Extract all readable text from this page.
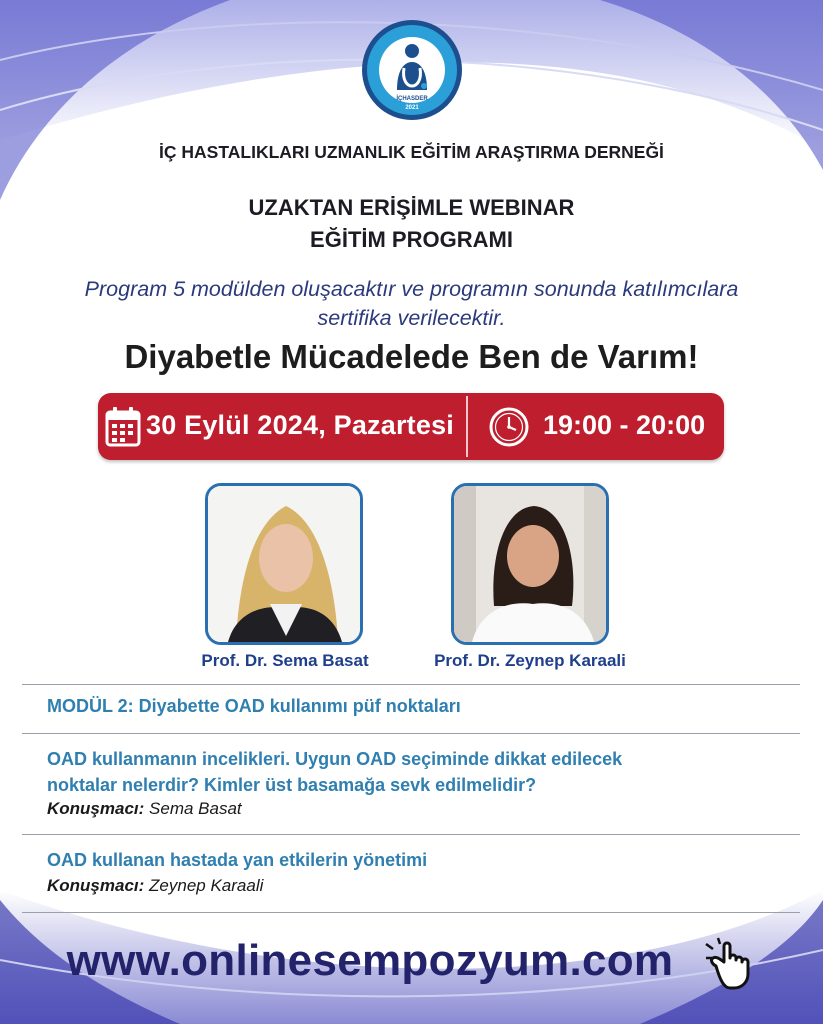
İÇHASDER
2021
İÇ HASTALIKLARI UZMANLIK EĞİTİM ARAŞTIRMA DERNEĞİ
UZAKTAN ERİŞİMLE WEBINAR
EĞİTİM PROGRAMI
Program 5 modülden oluşacaktır ve programın sonunda katılımcılara
sertifika verilecektir.
Diyabetle Mücadelede Ben de Varım!
30 Eylül 2024, Pazartesi	19:00 - 20:00
Prof. Dr. Sema Basat	Prof. Dr. Zeynep Karaali
MODÜL 2: Diyabette OAD kullanımı püf noktaları
OAD kullanmanın incelikleri. Uygun OAD seçiminde dikkat edilecek
noktalar nelerdir? Kimler üst basamağa sevk edilmelidir?
Konuşmacı: Sema Basat
OAD kullanan hastada yan etkilerin yönetimi
Konuşmacı: Zeynep Karaali
www.onlinesempozyum.com
